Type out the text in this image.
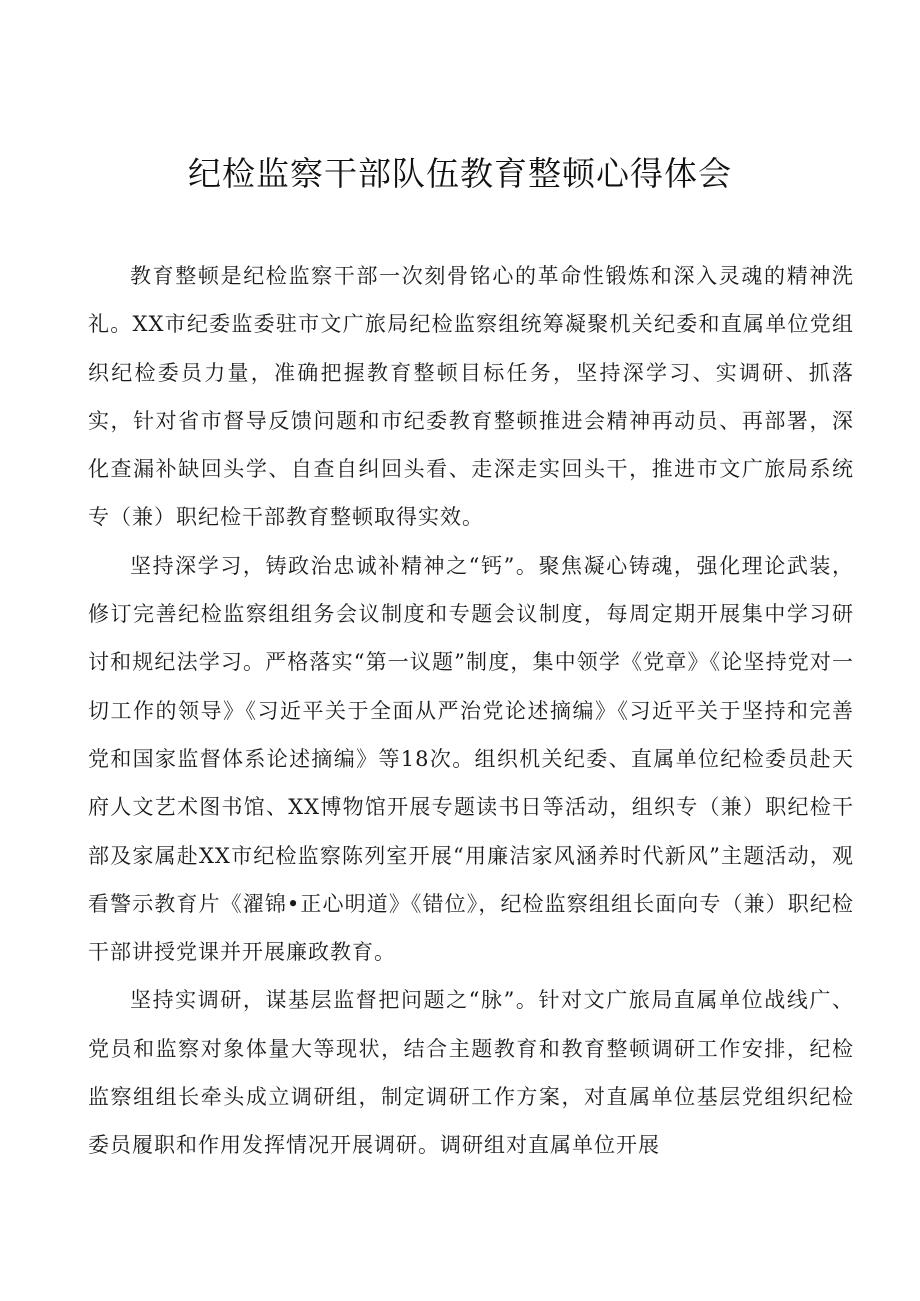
纪检监察干部队伍教育整顿心得体会

教育整顿是纪检监察干部一次刻骨铭心的革命性锻炼和深入灵魂的精神洗礼。XX市纪委监委驻市文广旅局纪检监察组统筹凝聚机关纪委和直属单位党组织纪检委员力量，准确把握教育整顿目标任务，坚持深学习、实调研、抓落实，针对省市督导反馈问题和市纪委教育整顿推进会精神再动员、再部署，深化查漏补缺回头学、自查自纠回头看、走深走实回头干，推进市文广旅局系统专（兼）职纪检干部教育整顿取得实效。

坚持深学习，铸政治忠诚补精神之“钙”。聚焦凝心铸魂，强化理论武装，修订完善纪检监察组组务会议制度和专题会议制度，每周定期开展集中学习研讨和规纪法学习。严格落实“第一议题”制度，集中领学《党章》《论坚持党对一切工作的领导》《习近平关于全面从严治党论述摘编》《习近平关于坚持和完善党和国家监督体系论述摘编》等18次。组织机关纪委、直属单位纪检委员赴天府人文艺术图书馆、XX博物馆开展专题读书日等活动，组织专（兼）职纪检干部及家属赴XX市纪检监察陈列室开展“用廉洁家风涵养时代新风”主题活动，观看警示教育片《濯锦•正心明道》《错位》，纪检监察组组长面向专（兼）职纪检干部讲授党课并开展廉政教育。

坚持实调研，谋基层监督把问题之“脉”。针对文广旅局直属单位战线广、党员和监察对象体量大等现状，结合主题教育和教育整顿调研工作安排，纪检监察组组长牵头成立调研组，制定调研工作方案，对直属单位基层党组织纪检委员履职和作用发挥情况开展调研。调研组对直属单位开展
